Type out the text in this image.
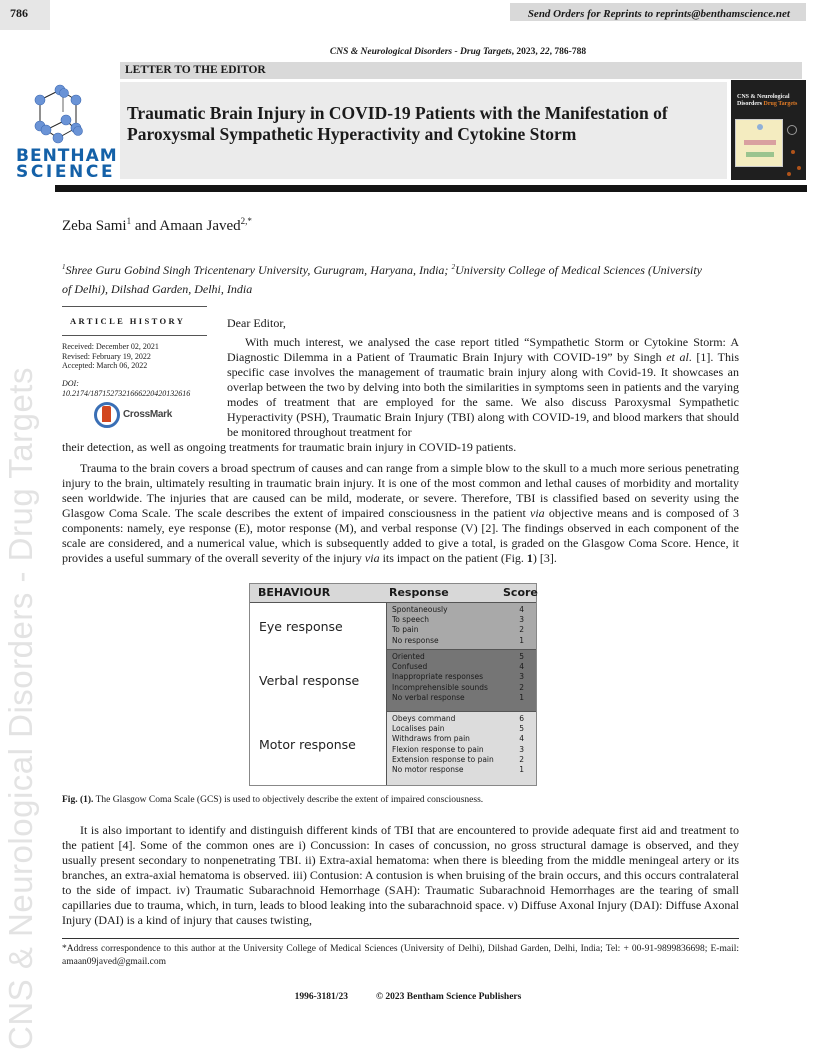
786	Send Orders for Reprints to reprints@benthamscience.net
CNS & Neurological Disorders - Drug Targets, 2023, 22, 786-788
LETTER TO THE EDITOR
BENTHAM
SCIENCE
Traumatic Brain Injury in COVID-19 Patients with the Manifestation of Paroxysmal Sympathetic Hyperactivity and Cytokine Storm
CNS & Neurological
Disorders Drug Targets
Zeba Sami$^1$ and Amaan Javed$^{2,*}$
$^1$Shree Guru Gobind Singh Tricentenary University, Gurugram, Haryana, India; $^2$University College of Medical Sciences (University of Delhi), Dilshad Garden, Delhi, India
ARTICLE HISTORY
Received: December 02, 2021
Revised: February 19, 2022
Accepted: March 06, 2022
DOI:
10.2174/1871527321666220420132616
CrossMark
Dear Editor,

With much interest, we analysed the case report titled “Sympathetic Storm or Cytokine Storm: A Diagnostic Dilemma in a Patient of Traumatic Brain Injury with COVID-19” by Singh et al. [1]. This specific case involves the management of traumatic brain injury along with Covid-19. It showcases an overlap between the two by delving into both the similarities in symptoms seen in patients and the varying modes of treatment that are employed for the same. We also discuss Paroxysmal Sympathetic Hyperactivity (PSH), Traumatic Brain Injury (TBI) along with COVID-19, and blood markers that should be monitored throughout treatment for

their detection, as well as ongoing treatments for traumatic brain injury in COVID-19 patients.

Trauma to the brain covers a broad spectrum of causes and can range from a simple blow to the skull to a much more serious penetrating injury to the brain, ultimately resulting in traumatic brain injury. It is one of the most common and lethal causes of morbidity and mortality seen worldwide. The injuries that are caused can be mild, moderate, or severe. Therefore, TBI is classified based on severity using the Glasgow Coma Scale. The scale describes the extent of impaired consciousness in the patient via objective means and is composed of 3 components: namely, eye response (E), motor response (M), and verbal response (V) [2]. The findings observed in each component of the scale are considered, and a numerical value, which is subsequently added to give a total, is graded on the Glasgow Coma Score. Hence, it provides a useful summary of the overall severity of the injury via its impact on the patient (Fig. 1) [3].

BEHAVIOUR	Response	Score
Eye response
Spontaneously	4
To speech	3
To pain	2
No response	1
Verbal response
Oriented	5
Confused	4
Inappropriate responses	3
Incomprehensible sounds	2
No verbal response	1
Motor response
Obeys command	6
Localises pain	5
Withdraws from pain	4
Flexion response to pain	3
Extension response to pain	2
No motor response	1
Fig. (1). The Glasgow Coma Scale (GCS) is used to objectively describe the extent of impaired consciousness.

It is also important to identify and distinguish different kinds of TBI that are encountered to provide adequate first aid and treatment to the patient [4]. Some of the common ones are i) Concussion: In cases of concussion, no gross structural damage is observed, and they usually present secondary to nonpenetrating TBI. ii) Extra-axial hematoma: when there is bleeding from the middle meningeal artery or its branches, an extra-axial hematoma is observed. iii) Contusion: A contusion is when bruising of the brain occurs, and this occurs contralateral to the side of impact. iv) Traumatic Subarachnoid Hemorrhage (SAH): Traumatic Subarachnoid Hemorrhages are the tearing of small capillaries due to trauma, which, in turn, leads to blood leaking into the subarachnoid space. v) Diffuse Axonal Injury (DAI): Diffuse Axonal Injury (DAI) is a kind of injury that causes twisting,

*Address correspondence to this author at the University College of Medical Sciences (University of Delhi), Dilshad Garden, Delhi, India; Tel: + 00-91-9899836698; E-mail: amaan09javed@gmail.com

1996-3181/23	© 2023 Bentham Science Publishers
CNS & Neurological Disorders - Drug Targets
